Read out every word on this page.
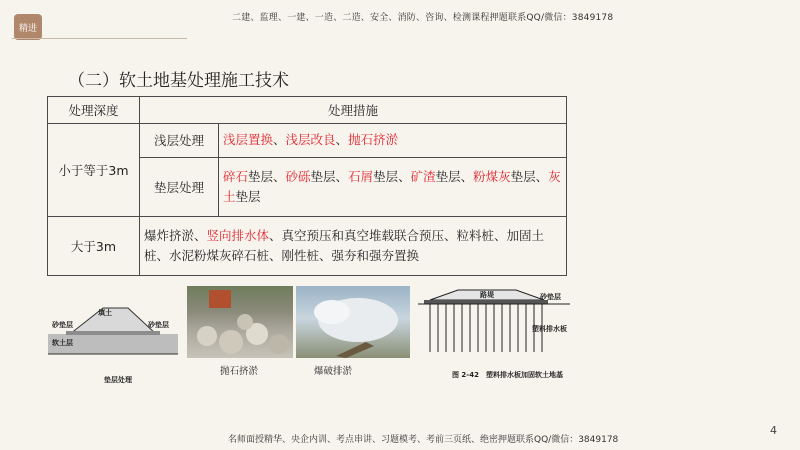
精进
二建、监理、一建、一造、二造、安全、消防、咨询、检测课程押题联系QQ/微信：3849178
（二）软土地基处理施工技术
处理深度	处理措施	
小于等于3m	浅层处理	浅层置换、浅层改良、抛石挤淤
	垫层处理	碎石垫层、砂砾垫层、石屑垫层、矿渣垫层、粉煤灰垫层、灰土垫层
大于3m	爆炸挤淤、竖向排水体、真空预压和真空堆载联合预压、粒料桩、加固土桩、水泥粉煤灰碎石桩、刚性桩、强夯和强夯置换	
填土
砂垫层	砂垫层
软土层
垫层处理
抛石挤淤	爆破排淤
路堤	砂垫层
塑料排水板
图 2-42　塑料排水板加固软土地基
名师面授精华、央企内训、考点串讲、习题模考、考前三页纸、绝密押题联系QQ/微信：3849178
4
